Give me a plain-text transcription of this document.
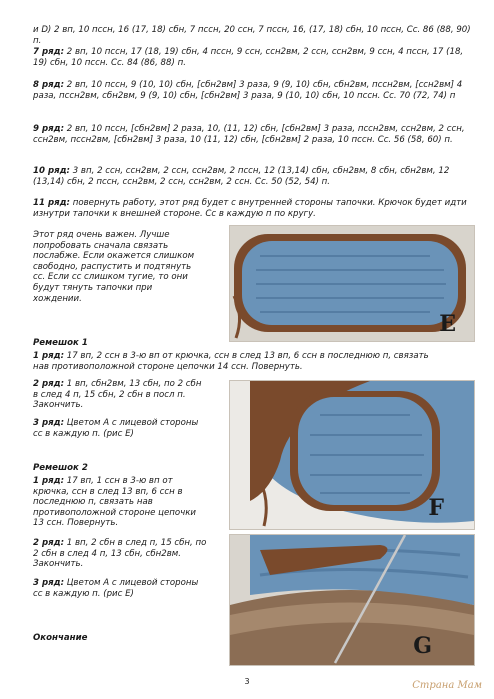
и D) 2 вп, 10 пссн, 16 (17, 18) сбн, 7 пссн, 20 ссн, 7 пссн, 16, (17, 18) сбн, 10 пссн, Сс. 86 (88, 90) п.
7 ряд: 2 вп, 10 пссн, 17 (18, 19) сбн, 4 пссн, 9 ссн, ссн2вм, 2 ссн, ссн2вм, 9 ссн, 4 пссн, 17 (18, 19) сбн, 10 пссн. Сс. 84 (86, 88) п.
8 ряд: 2 вп, 10 пссн, 9 (10, 10) сбн, [сбн2вм] 3 раза, 9 (9, 10) сбн, сбн2вм, пссн2вм, [ссн2вм] 4 раза, пссн2вм, сбн2вм, 9 (9, 10) сбн, [сбн2вм] 3 раза, 9 (10, 10) сбн, 10 пссн. Сс. 70 (72, 74) п
9 ряд: 2 вп, 10 пссн, [сбн2вм] 2 раза, 10, (11, 12) сбн, [сбн2вм] 3 раза, пссн2вм, ссн2вм, 2 ссн, ссн2вм, пссн2вм, [сбн2вм] 3 раза, 10 (11, 12) сбн, [сбн2вм] 2 раза, 10 пссн. Сс. 56 (58, 60) п.
10 ряд: 3 вп, 2 ссн, ссн2вм, 2 ссн, ссн2вм, 2 пссн, 12 (13,14) сбн, сбн2вм, 8 сбн, сбн2вм, 12 (13,14) сбн, 2 пссн, ссн2вм, 2 ссн, ссн2вм, 2 ссн. Сс. 50 (52, 54) п.
11 ряд: повернуть работу, этот ряд будет с внутренней стороны тапочки. Крючок будет идти изнутри тапочки к внешней стороне. Сс в каждую п по кругу.
Этот ряд очень важен. Лучше
попробовать сначала связать
послабже. Если окажется слишком
свободно, распустить и подтянуть
сс. Если сс слишком тугие, то они
будут тянуть тапочки при
хождении.
E
Ремешок 1
1 ряд: 17 вп, 2 ссн в 3-ю вп от крючка, ссн в след 13 вп, 6 ссн в последнюю п, связать
нав противоположной стороне цепочки 14 ссн. Повернуть.
2 ряд: 1 вп, сбн2вм, 13 сбн, по 2 сбн
в след 4 п, 15 сбн, 2 сбн в посл п.
Закончить.
3 ряд: Цветом А с лицевой стороны
сс в каждую п. (рис Е)
F
Ремешок 2
1 ряд: 17 вп, 1 ссн в 3-ю вп от
крючка, ссн в след 13 вп, 6 ссн в
последнюю п, связать нав
противоположной стороне цепочки
13 ссн. Повернуть.
2 ряд: 1 вп, 2 сбн в след п, 15 сбн, по
2 сбн в след 4 п, 13 сбн, сбн2вм.
Закончить.
3 ряд: Цветом А с лицевой стороны
сс в каждую п. (рис Е)
Окончание	G
3	Страна Мам
